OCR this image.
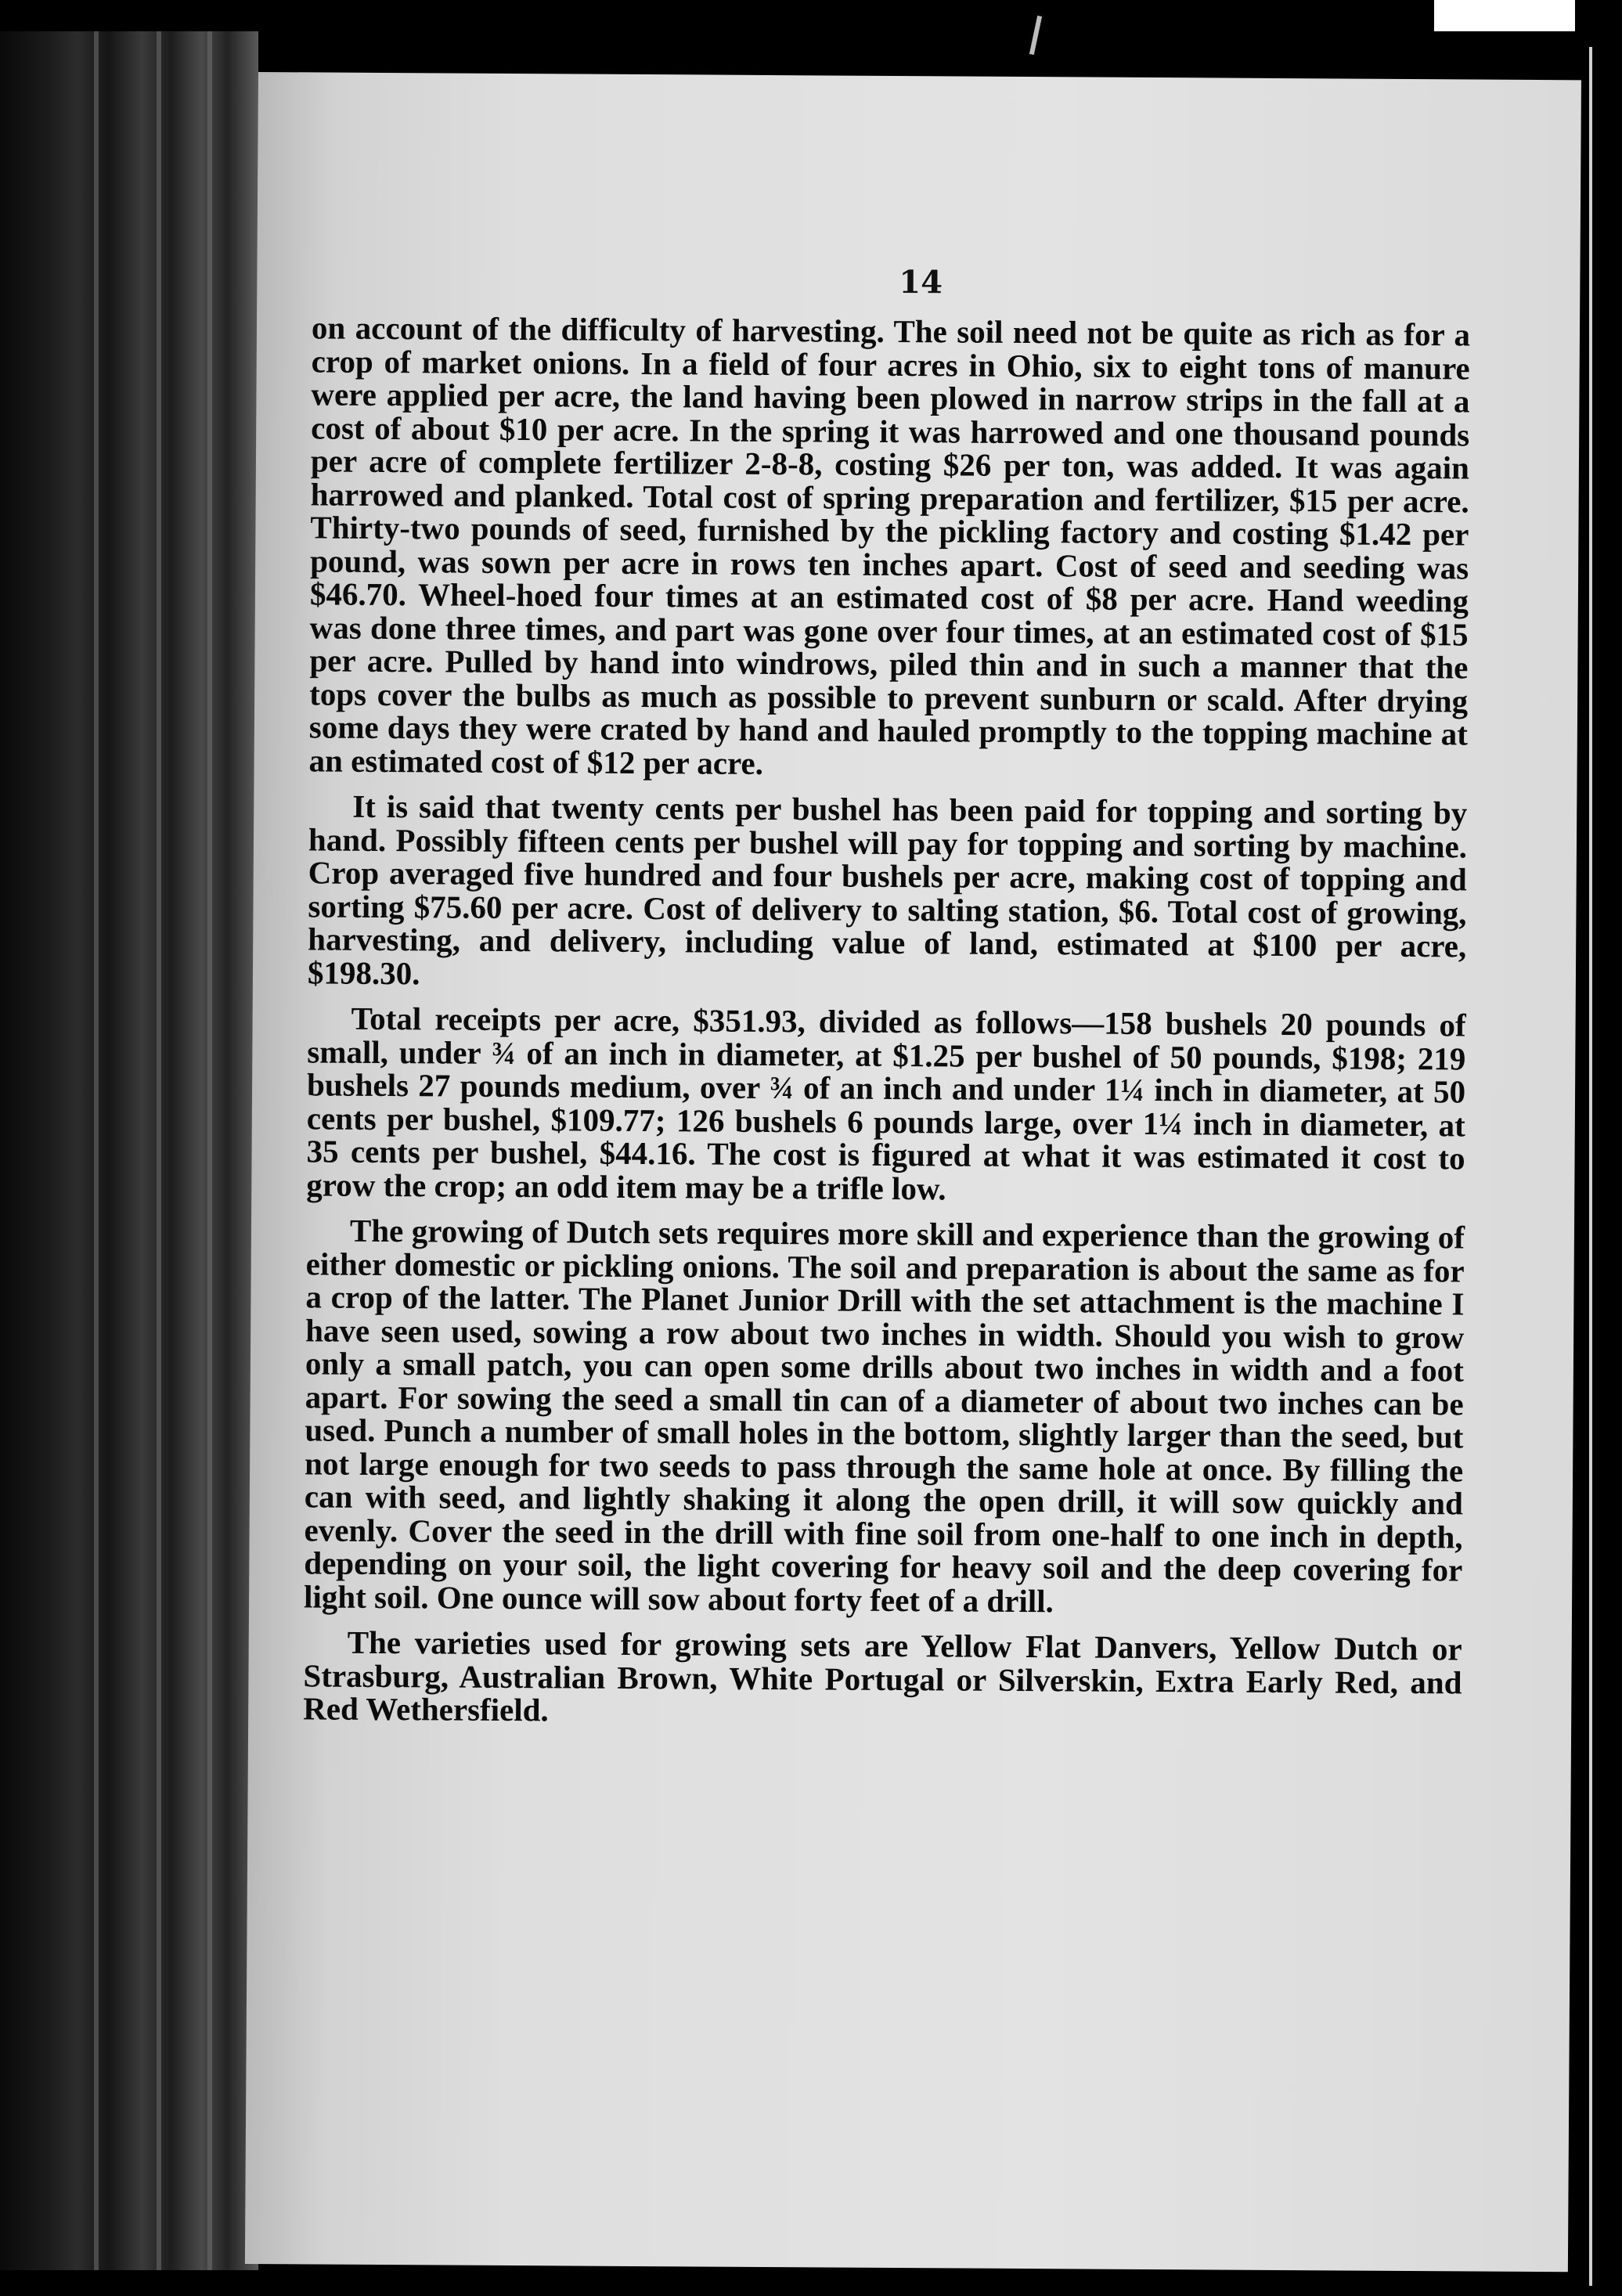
14

on account of the difficulty of harvesting. The soil need not be quite as rich as for a crop of market onions. In a field of four acres in Ohio, six to eight tons of manure were applied per acre, the land having been plowed in narrow strips in the fall at a cost of about $10 per acre. In the spring it was harrowed and one thousand pounds per acre of complete fertilizer 2-8-8, costing $26 per ton, was added. It was again harrowed and planked. Total cost of spring preparation and fertilizer, $15 per acre. Thirty-two pounds of seed, furnished by the pickling factory and costing $1.42 per pound, was sown per acre in rows ten inches apart. Cost of seed and seeding was $46.70. Wheel-hoed four times at an estimated cost of $8 per acre. Hand weeding was done three times, and part was gone over four times, at an estimated cost of $15 per acre. Pulled by hand into windrows, piled thin and in such a manner that the tops cover the bulbs as much as possible to prevent sunburn or scald. After drying some days they were crated by hand and hauled promptly to the topping machine at an estimated cost of $12 per acre.

It is said that twenty cents per bushel has been paid for topping and sorting by hand. Possibly fifteen cents per bushel will pay for topping and sorting by machine. Crop averaged five hundred and four bushels per acre, making cost of topping and sorting $75.60 per acre. Cost of delivery to salting station, $6. Total cost of growing, harvesting, and delivery, including value of land, estimated at $100 per acre, $198.30.

Total receipts per acre, $351.93, divided as follows—158 bushels 20 pounds of small, under ¾ of an inch in diameter, at $1.25 per bushel of 50 pounds, $198; 219 bushels 27 pounds medium, over ¾ of an inch and under 1¼ inch in diameter, at 50 cents per bushel, $109.77; 126 bushels 6 pounds large, over 1¼ inch in diameter, at 35 cents per bushel, $44.16. The cost is figured at what it was estimated it cost to grow the crop; an odd item may be a trifle low.

The growing of Dutch sets requires more skill and experience than the growing of either domestic or pickling onions. The soil and preparation is about the same as for a crop of the latter. The Planet Junior Drill with the set attachment is the machine I have seen used, sowing a row about two inches in width. Should you wish to grow only a small patch, you can open some drills about two inches in width and a foot apart. For sowing the seed a small tin can of a diameter of about two inches can be used. Punch a number of small holes in the bottom, slightly larger than the seed, but not large enough for two seeds to pass through the same hole at once. By filling the can with seed, and lightly shaking it along the open drill, it will sow quickly and evenly. Cover the seed in the drill with fine soil from one-half to one inch in depth, depending on your soil, the light covering for heavy soil and the deep covering for light soil. One ounce will sow about forty feet of a drill.

The varieties used for growing sets are Yellow Flat Danvers, Yellow Dutch or Strasburg, Australian Brown, White Portugal or Silverskin, Extra Early Red, and Red Wethersfield.
